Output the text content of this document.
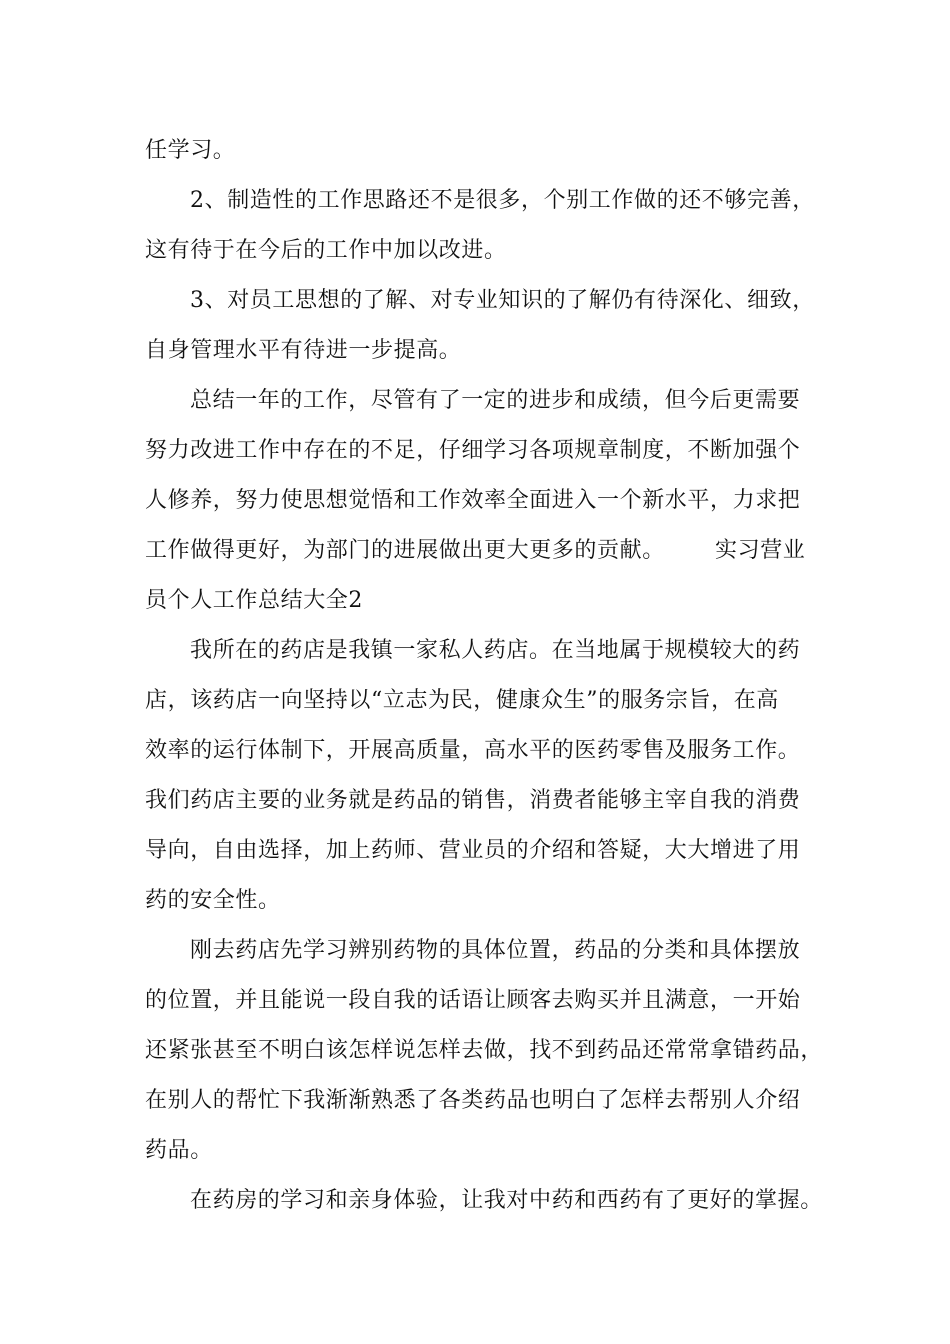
任学习。

2、制造性的工作思路还不是很多，个别工作做的还不够完善，

这有待于在今后的工作中加以改进。

3、对员工思想的了解、对专业知识的了解仍有待深化、细致，

自身管理水平有待进一步提高。

总结一年的工作，尽管有了一定的进步和成绩，但今后更需要

努力改进工作中存在的不足，仔细学习各项规章制度，不断加强个

人修养，努力使思想觉悟和工作效率全面进入一个新水平，力求把

工作做得更好，为部门的进展做出更大更多的贡献。 实习营业

员个人工作总结大全2

我所在的药店是我镇一家私人药店。在当地属于规模较大的药

店，该药店一向坚持以“立志为民，健康众生”的服务宗旨，在高

效率的运行体制下，开展高质量，高水平的医药零售及服务工作。

我们药店主要的业务就是药品的销售，消费者能够主宰自我的消费

导向，自由选择，加上药师、营业员的介绍和答疑，大大增进了用

药的安全性。

刚去药店先学习辨别药物的具体位置，药品的分类和具体摆放

的位置，并且能说一段自我的话语让顾客去购买并且满意，一开始

还紧张甚至不明白该怎样说怎样去做，找不到药品还常常拿错药品，

在别人的帮忙下我渐渐熟悉了各类药品也明白了怎样去帮别人介绍

药品。

在药房的学习和亲身体验，让我对中药和西药有了更好的掌握。
